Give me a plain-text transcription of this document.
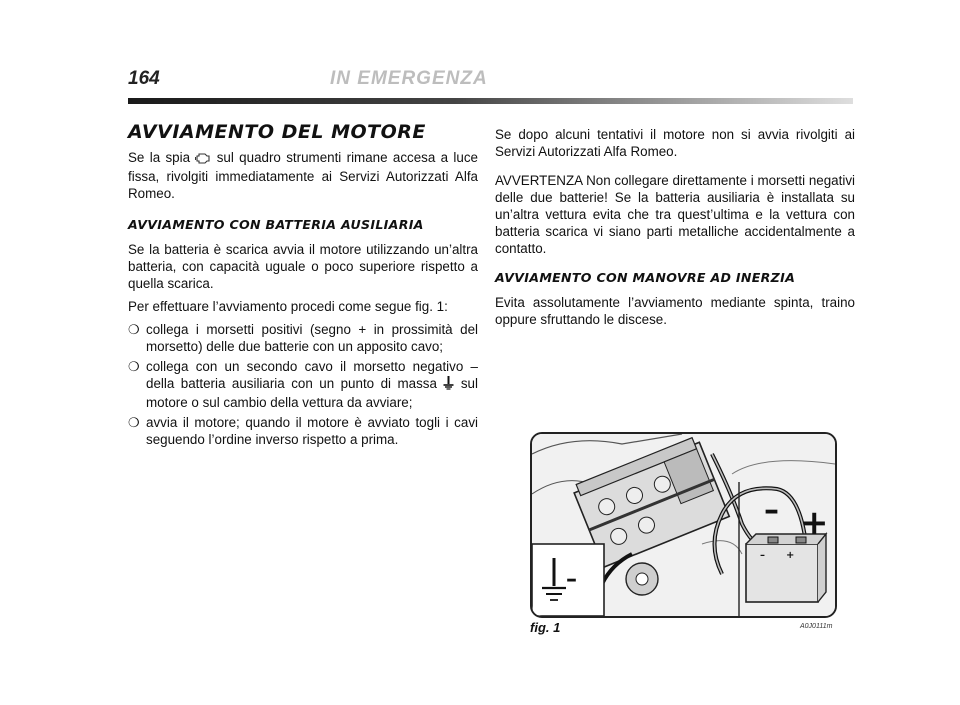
164	IN EMERGENZA
AVVIAMENTO DEL MOTORE

Se la spia sul quadro strumenti rimane accesa a luce fissa, rivolgiti immediatamente ai Servizi Autorizzati Alfa Romeo.

AVVIAMENTO CON BATTERIA AUSILIARIA

Se la batteria è scarica avvia il motore utilizzando un’altra batteria, con capacità uguale o poco superiore rispetto a quella scarica.

Per effettuare l’avviamento procedi come segue fig. 1:

❍ collega i morsetti positivi (segno + in prossimità del morsetto) delle due batterie con un apposito cavo;
❍ collega con un secondo cavo il morsetto negativo – della batteria ausiliaria con un punto di massa sul motore o sul cambio della vettura da avviare;
❍ avvia il motore; quando il motore è avviato togli i cavi seguendo l’ordine inverso rispetto a prima.

Se dopo alcuni tentativi il motore non si avvia rivolgiti ai Servizi Autorizzati Alfa Romeo.

AVVERTENZA Non collegare direttamente i morsetti negativi delle due batterie! Se la batteria ausiliaria è installata su un’altra vettura evita che tra quest’ultima e la vettura con batteria scarica vi siano parti metalliche accidentalmente a contatto.

AVVIAMENTO CON MANOVRE AD INERZIA

Evita assolutamente l’avviamento mediante spinta, traino oppure sfruttando le discese.

–
– +
– +
fig. 1	A0J0111m
